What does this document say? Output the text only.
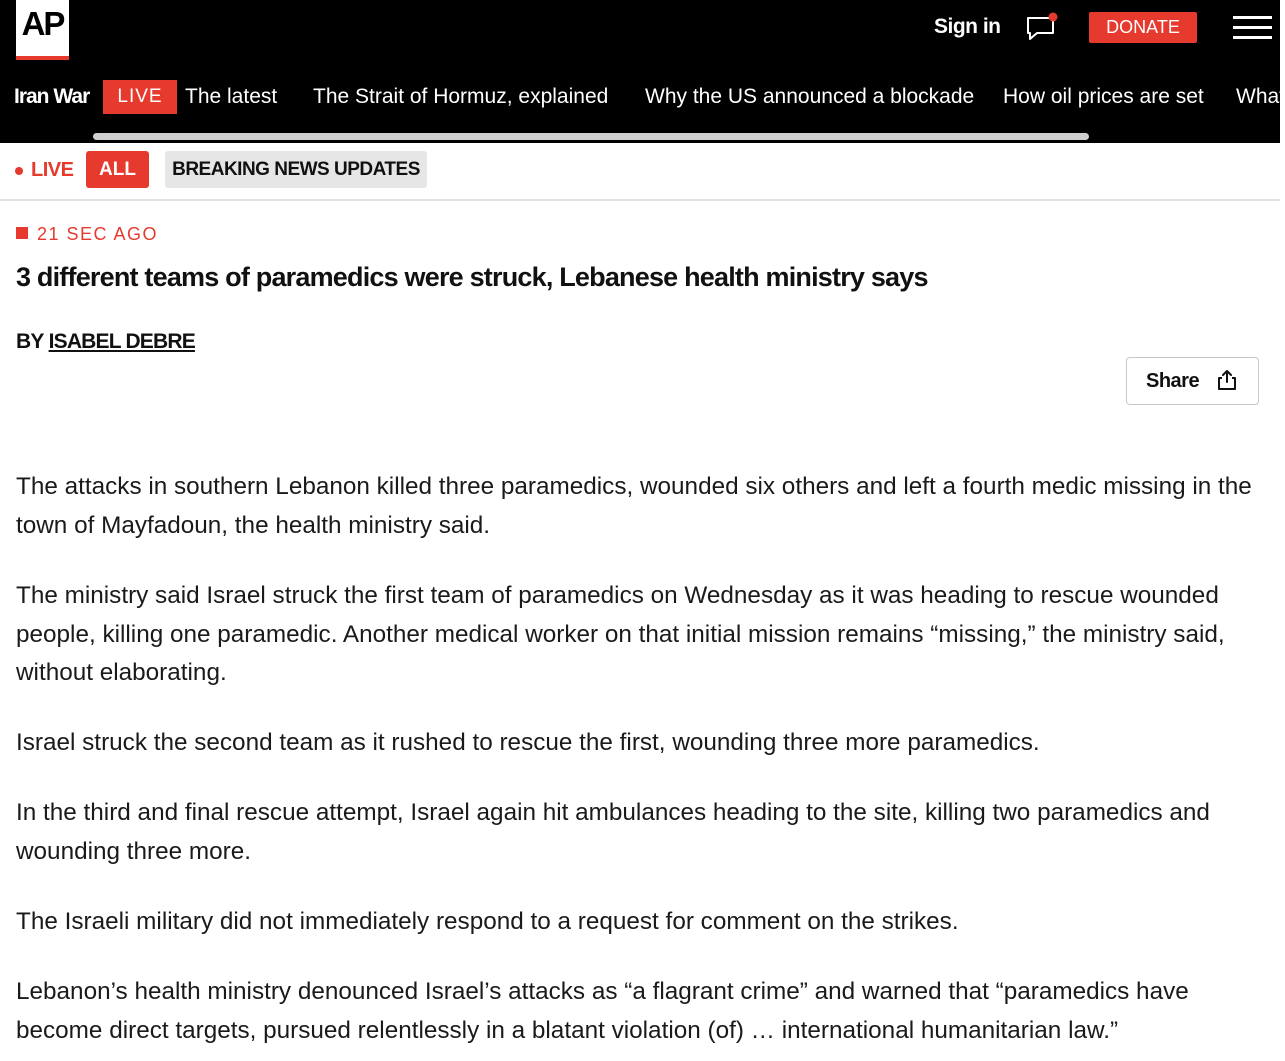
AP	Sign in	DONATE
Iran War	LIVE	The latest The Strait of Hormuz, explained Why the US announced a blockade How oil prices are set What
LIVE	ALL	BREAKING NEWS UPDATES
21 SEC AGO
3 different teams of paramedics were struck, Lebanese health ministry says
BY ISABEL DEBRE
Share

The attacks in southern Lebanon killed three paramedics, wounded six others and left a fourth medic missing in the town of Mayfadoun, the health ministry said.

The ministry said Israel struck the first team of paramedics on Wednesday as it was heading to rescue wounded people, killing one paramedic. Another medical worker on that initial mission remains “missing,” the ministry said, without elaborating.

Israel struck the second team as it rushed to rescue the first, wounding three more paramedics.

In the third and final rescue attempt, Israel again hit ambulances heading to the site, killing two paramedics and wounding three more.

The Israeli military did not immediately respond to a request for comment on the strikes.

Lebanon’s health ministry denounced Israel’s attacks as “a flagrant crime” and warned that “paramedics have become direct targets, pursued relentlessly in a blatant violation (of) … international humanitarian law.”
